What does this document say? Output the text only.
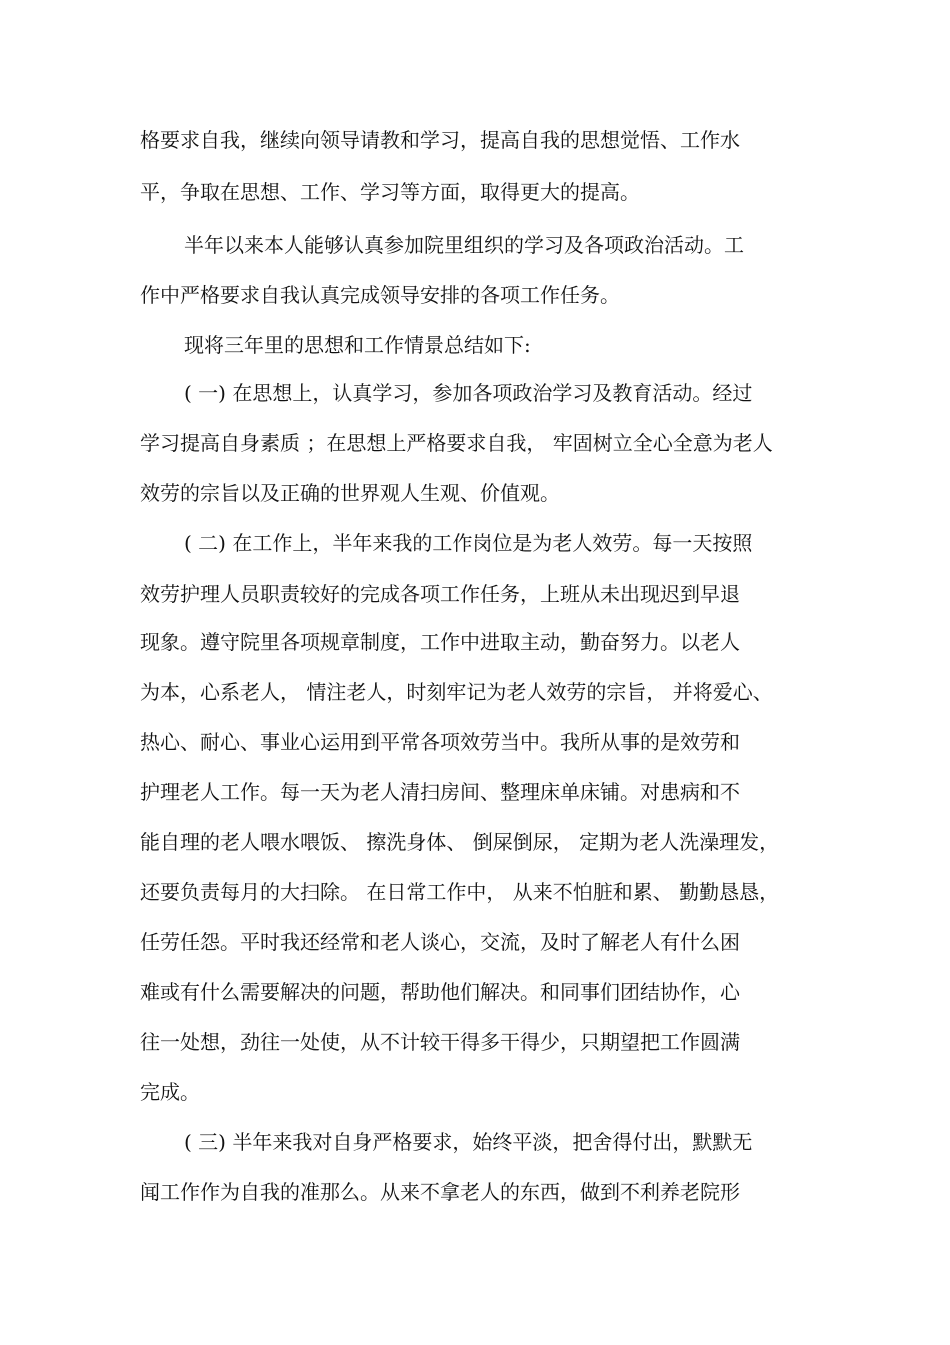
格要求自我，继续向领导请教和学习，提高自我的思想觉悟、工作水

平，争取在思想、工作、学习等方面，取得更大的提高。

半年以来本人能够认真参加院里组织的学习及各项政治活动。工

作中严格要求自我认真完成领导安排的各项工作任务。

现将三年里的思想和工作情景总结如下:

( 一) 在思想上，认真学习，参加各项政治学习及教育活动。经过

学习提高自身素质 ；在思想上严格要求自我， 牢固树立全心全意为老人

效劳的宗旨以及正确的世界观人生观、价值观。

( 二) 在工作上，半年来我的工作岗位是为老人效劳。每一天按照

效劳护理人员职责较好的完成各项工作任务，上班从未出现迟到早退

现象。遵守院里各项规章制度，工作中进取主动，勤奋努力。以老人

为本，心系老人， 情注老人，时刻牢记为老人效劳的宗旨， 并将爱心、

热心、耐心、事业心运用到平常各项效劳当中。我所从事的是效劳和

护理老人工作。每一天为老人清扫房间、整理床单床铺。对患病和不

能自理的老人喂水喂饭、 擦洗身体、 倒屎倒尿， 定期为老人洗澡理发，

还要负责每月的大扫除。 在日常工作中， 从来不怕脏和累、 勤勤恳恳，

任劳任怨。平时我还经常和老人谈心，交流，及时了解老人有什么困

难或有什么需要解决的问题，帮助他们解决。和同事们团结协作，心

往一处想，劲往一处使，从不计较干得多干得少，只期望把工作圆满

完成。

( 三) 半年来我对自身严格要求，始终平淡，把舍得付出，默默无

闻工作作为自我的准那么。从来不拿老人的东西，做到不利养老院形
